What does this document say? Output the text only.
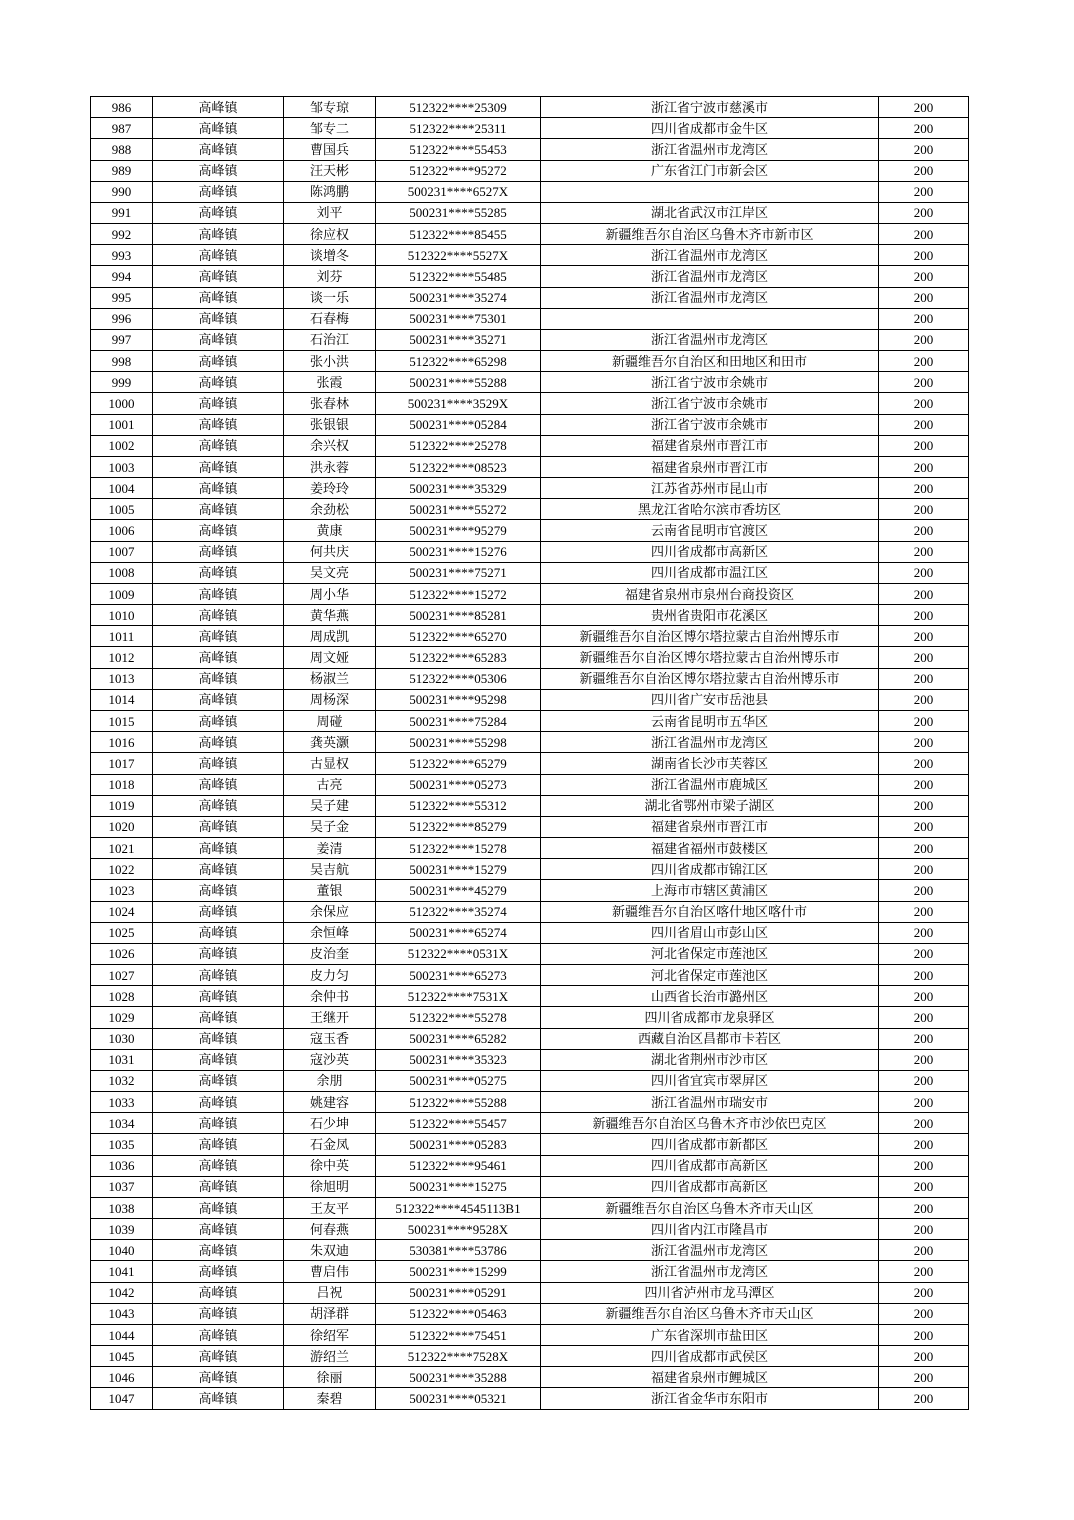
986	高峰镇	邹专琼	512322****25309	浙江省宁波市慈溪市	200
987	高峰镇	邹专二	512322****25311	四川省成都市金牛区	200
988	高峰镇	曹国兵	512322****55453	浙江省温州市龙湾区	200
989	高峰镇	汪天彬	512322****95272	广东省江门市新会区	200
990	高峰镇	陈鸿鹏	500231****6527X		200
991	高峰镇	刘平	500231****55285	湖北省武汉市江岸区	200
992	高峰镇	徐应权	512322****85455	新疆维吾尔自治区乌鲁木齐市新市区	200
993	高峰镇	谈增冬	512322****5527X	浙江省温州市龙湾区	200
994	高峰镇	刘芬	512322****55485	浙江省温州市龙湾区	200
995	高峰镇	谈一乐	500231****35274	浙江省温州市龙湾区	200
996	高峰镇	石春梅	500231****75301		200
997	高峰镇	石治江	500231****35271	浙江省温州市龙湾区	200
998	高峰镇	张小洪	512322****65298	新疆维吾尔自治区和田地区和田市	200
999	高峰镇	张霞	500231****55288	浙江省宁波市余姚市	200
1000	高峰镇	张春林	500231****3529X	浙江省宁波市余姚市	200
1001	高峰镇	张银银	500231****05284	浙江省宁波市余姚市	200
1002	高峰镇	余兴权	512322****25278	福建省泉州市晋江市	200
1003	高峰镇	洪永蓉	512322****08523	福建省泉州市晋江市	200
1004	高峰镇	姜玲玲	500231****35329	江苏省苏州市昆山市	200
1005	高峰镇	余劲松	500231****55272	黑龙江省哈尔滨市香坊区	200
1006	高峰镇	黄康	500231****95279	云南省昆明市官渡区	200
1007	高峰镇	何共庆	500231****15276	四川省成都市高新区	200
1008	高峰镇	吴文亮	500231****75271	四川省成都市温江区	200
1009	高峰镇	周小华	512322****15272	福建省泉州市泉州台商投资区	200
1010	高峰镇	黄华燕	500231****85281	贵州省贵阳市花溪区	200
1011	高峰镇	周成凯	512322****65270	新疆维吾尔自治区博尔塔拉蒙古自治州博乐市	200
1012	高峰镇	周文娅	512322****65283	新疆维吾尔自治区博尔塔拉蒙古自治州博乐市	200
1013	高峰镇	杨淑兰	512322****05306	新疆维吾尔自治区博尔塔拉蒙古自治州博乐市	200
1014	高峰镇	周杨深	500231****95298	四川省广安市岳池县	200
1015	高峰镇	周碰	500231****75284	云南省昆明市五华区	200
1016	高峰镇	龚英灏	500231****55298	浙江省温州市龙湾区	200
1017	高峰镇	古显权	512322****65279	湖南省长沙市芙蓉区	200
1018	高峰镇	古亮	500231****05273	浙江省温州市鹿城区	200
1019	高峰镇	吴子建	512322****55312	湖北省鄂州市梁子湖区	200
1020	高峰镇	吴子金	512322****85279	福建省泉州市晋江市	200
1021	高峰镇	姜清	512322****15278	福建省福州市鼓楼区	200
1022	高峰镇	吴吉航	500231****15279	四川省成都市锦江区	200
1023	高峰镇	董银	500231****45279	上海市市辖区黄浦区	200
1024	高峰镇	余保应	512322****35274	新疆维吾尔自治区喀什地区喀什市	200
1025	高峰镇	余恒峰	500231****65274	四川省眉山市彭山区	200
1026	高峰镇	皮治奎	512322****0531X	河北省保定市莲池区	200
1027	高峰镇	皮力匀	500231****65273	河北省保定市莲池区	200
1028	高峰镇	余仲书	512322****7531X	山西省长治市潞州区	200
1029	高峰镇	王继开	512322****55278	四川省成都市龙泉驿区	200
1030	高峰镇	寇玉香	500231****65282	西藏自治区昌都市卡若区	200
1031	高峰镇	寇沙英	500231****35323	湖北省荆州市沙市区	200
1032	高峰镇	余朋	500231****05275	四川省宜宾市翠屏区	200
1033	高峰镇	姚建容	512322****55288	浙江省温州市瑞安市	200
1034	高峰镇	石少坤	512322****55457	新疆维吾尔自治区乌鲁木齐市沙依巴克区	200
1035	高峰镇	石金凤	500231****05283	四川省成都市新都区	200
1036	高峰镇	徐中英	512322****95461	四川省成都市高新区	200
1037	高峰镇	徐旭明	500231****15275	四川省成都市高新区	200
1038	高峰镇	王友平	512322****4545113B1	新疆维吾尔自治区乌鲁木齐市天山区	200
1039	高峰镇	何春燕	500231****9528X	四川省内江市隆昌市	200
1040	高峰镇	朱双迪	530381****53786	浙江省温州市龙湾区	200
1041	高峰镇	曹启伟	500231****15299	浙江省温州市龙湾区	200
1042	高峰镇	吕祝	500231****05291	四川省泸州市龙马潭区	200
1043	高峰镇	胡泽群	512322****05463	新疆维吾尔自治区乌鲁木齐市天山区	200
1044	高峰镇	徐绍军	512322****75451	广东省深圳市盐田区	200
1045	高峰镇	游绍兰	512322****7528X	四川省成都市武侯区	200
1046	高峰镇	徐丽	500231****35288	福建省泉州市鲤城区	200
1047	高峰镇	秦碧	500231****05321	浙江省金华市东阳市	200
